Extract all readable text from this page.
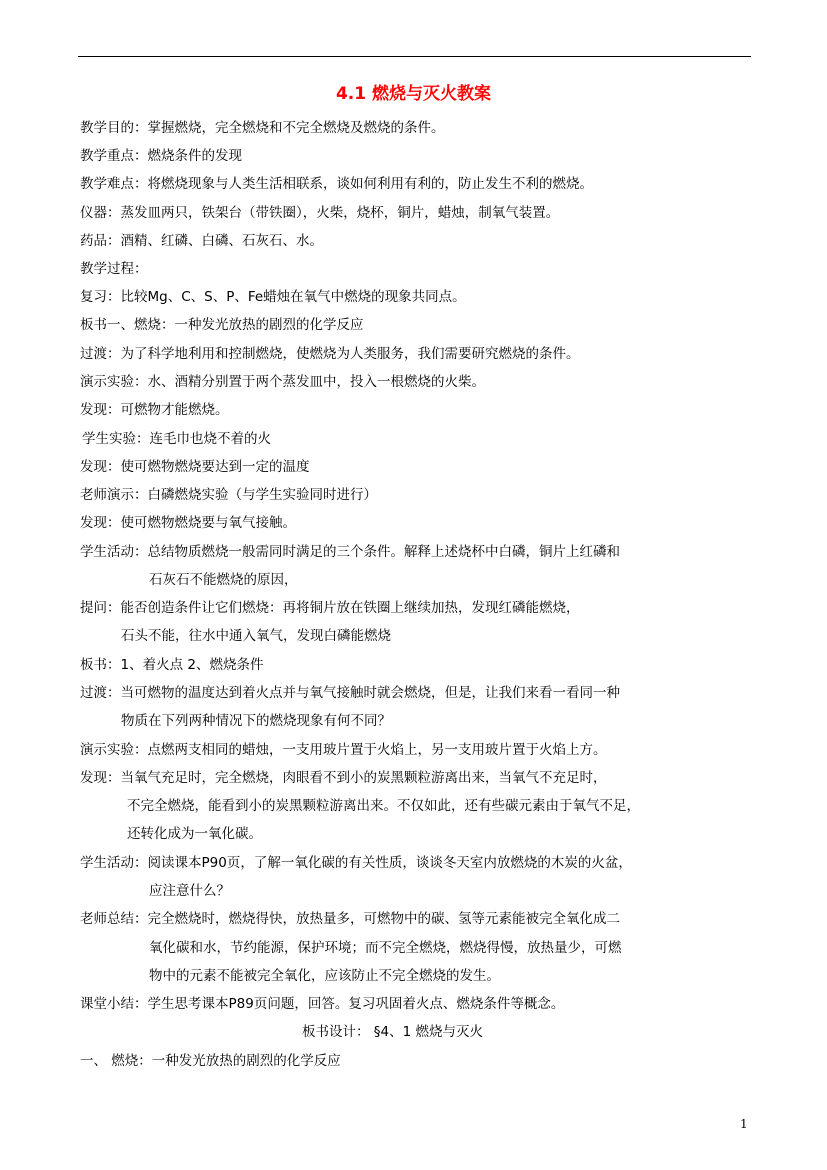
4.1 燃烧与灭火教案
教学目的：掌握燃烧，完全燃烧和不完全燃烧及燃烧的条件。
教学重点：燃烧条件的发现
教学难点：将燃烧现象与人类生活相联系，谈如何利用有利的，防止发生不利的燃烧。
仪器：蒸发皿两只，铁架台（带铁圈），火柴，烧杯，铜片，蜡烛，制氧气装置。
药品：酒精、红磷、白磷、石灰石、水。
教学过程：
复习：比较Mg、C、S、P、Fe蜡烛在氧气中燃烧的现象共同点。
板书一、燃烧：一种发光放热的剧烈的化学反应
过渡：为了科学地利用和控制燃烧，使燃烧为人类服务，我们需要研究燃烧的条件。
演示实验：水、酒精分别置于两个蒸发皿中，投入一根燃烧的火柴。
发现：可燃物才能燃烧。
学生实验：连毛巾也烧不着的火
发现：使可燃物燃烧要达到一定的温度
老师演示：白磷燃烧实验（与学生实验同时进行）
发现：使可燃物燃烧要与氧气接触。
学生活动：总结物质燃烧一般需同时满足的三个条件。解释上述烧杯中白磷，铜片上红磷和
石灰石不能燃烧的原因，
提问：能否创造条件让它们燃烧：再将铜片放在铁圈上继续加热，发现红磷能燃烧，
石头不能，往水中通入氧气，发现白磷能燃烧
板书：1、着火点 2、燃烧条件
过渡：当可燃物的温度达到着火点并与氧气接触时就会燃烧，但是，让我们来看一看同一种
物质在下列两种情况下的燃烧现象有何不同？
演示实验：点燃两支相同的蜡烛，一支用玻片置于火焰上，另一支用玻片置于火焰上方。
发现：当氧气充足时，完全燃烧，肉眼看不到小的炭黑颗粒游离出来，当氧气不充足时，
不完全燃烧，能看到小的炭黑颗粒游离出来。不仅如此，还有些碳元素由于氧气不足，
还转化成为一氧化碳。
学生活动：阅读课本P90页，了解一氧化碳的有关性质，谈谈冬天室内放燃烧的木炭的火盆，
应注意什么？
老师总结：完全燃烧时，燃烧得快，放热量多，可燃物中的碳、氢等元素能被完全氧化成二
氧化碳和水，节约能源，保护环境；而不完全燃烧，燃烧得慢，放热量少，可燃
物中的元素不能被完全氧化，应该防止不完全燃烧的发生。
课堂小结：学生思考课本P89页问题，回答。复习巩固着火点、燃烧条件等概念。
板书设计： §4、1 燃烧与灭火
一、 燃烧：一种发光放热的剧烈的化学反应
1
